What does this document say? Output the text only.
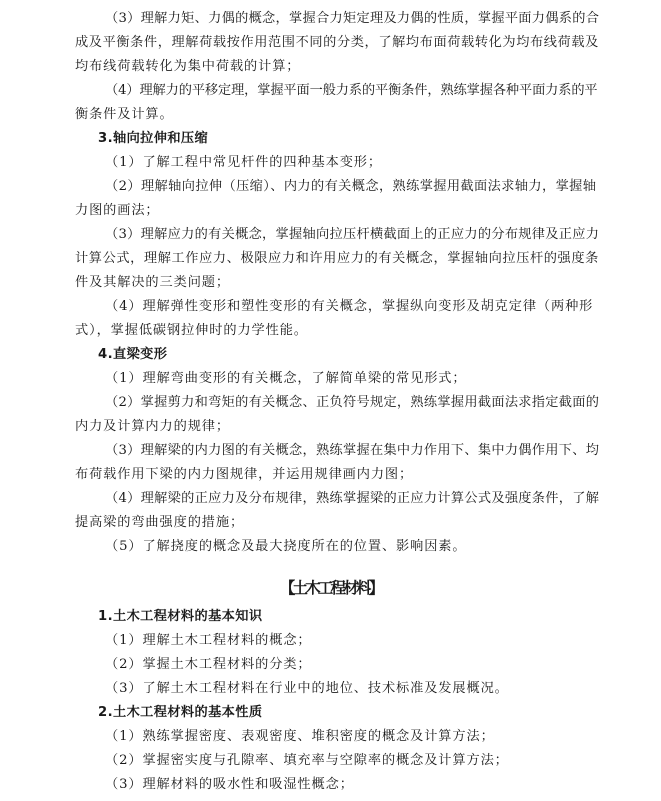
（3）理解力矩、力偶的概念，掌握合力矩定理及力偶的性质，掌握平面力偶系的合
成及平衡条件，理解荷载按作用范围不同的分类，了解均布面荷载转化为均布线荷载及
均布线荷载转化为集中荷载的计算；
（4）理解力的平移定理，掌握平面一般力系的平衡条件，熟练掌握各种平面力系的平
衡条件及计算。
3.轴向拉伸和压缩
（1）了解工程中常见杆件的四种基本变形；
（2）理解轴向拉伸（压缩）、内力的有关概念，熟练掌握用截面法求轴力，掌握轴
力图的画法；
（3）理解应力的有关概念，掌握轴向拉压杆横截面上的正应力的分布规律及正应力
计算公式，理解工作应力、极限应力和许用应力的有关概念，掌握轴向拉压杆的强度条
件及其解决的三类问题；
（4）理解弹性变形和塑性变形的有关概念，掌握纵向变形及胡克定律（两种形
式），掌握低碳钢拉伸时的力学性能。
4.直梁变形
（1）理解弯曲变形的有关概念，了解简单梁的常见形式；
（2）掌握剪力和弯矩的有关概念、正负符号规定，熟练掌握用截面法求指定截面的
内力及计算内力的规律；
（3）理解梁的内力图的有关概念，熟练掌握在集中力作用下、集中力偶作用下、均
布荷载作用下梁的内力图规律，并运用规律画内力图；
（4）理解梁的正应力及分布规律，熟练掌握梁的正应力计算公式及强度条件，了解
提高梁的弯曲强度的措施；
（5）了解挠度的概念及最大挠度所在的位置、影响因素。
【土木工程材料】
1.土木工程材料的基本知识
（1）理解土木工程材料的概念；
（2）掌握土木工程材料的分类；
（3）了解土木工程材料在行业中的地位、技术标准及发展概况。
2.土木工程材料的基本性质
（1）熟练掌握密度、表观密度、堆积密度的概念及计算方法；
（2）掌握密实度与孔隙率、填充率与空隙率的概念及计算方法；
（3）理解材料的吸水性和吸湿性概念；
